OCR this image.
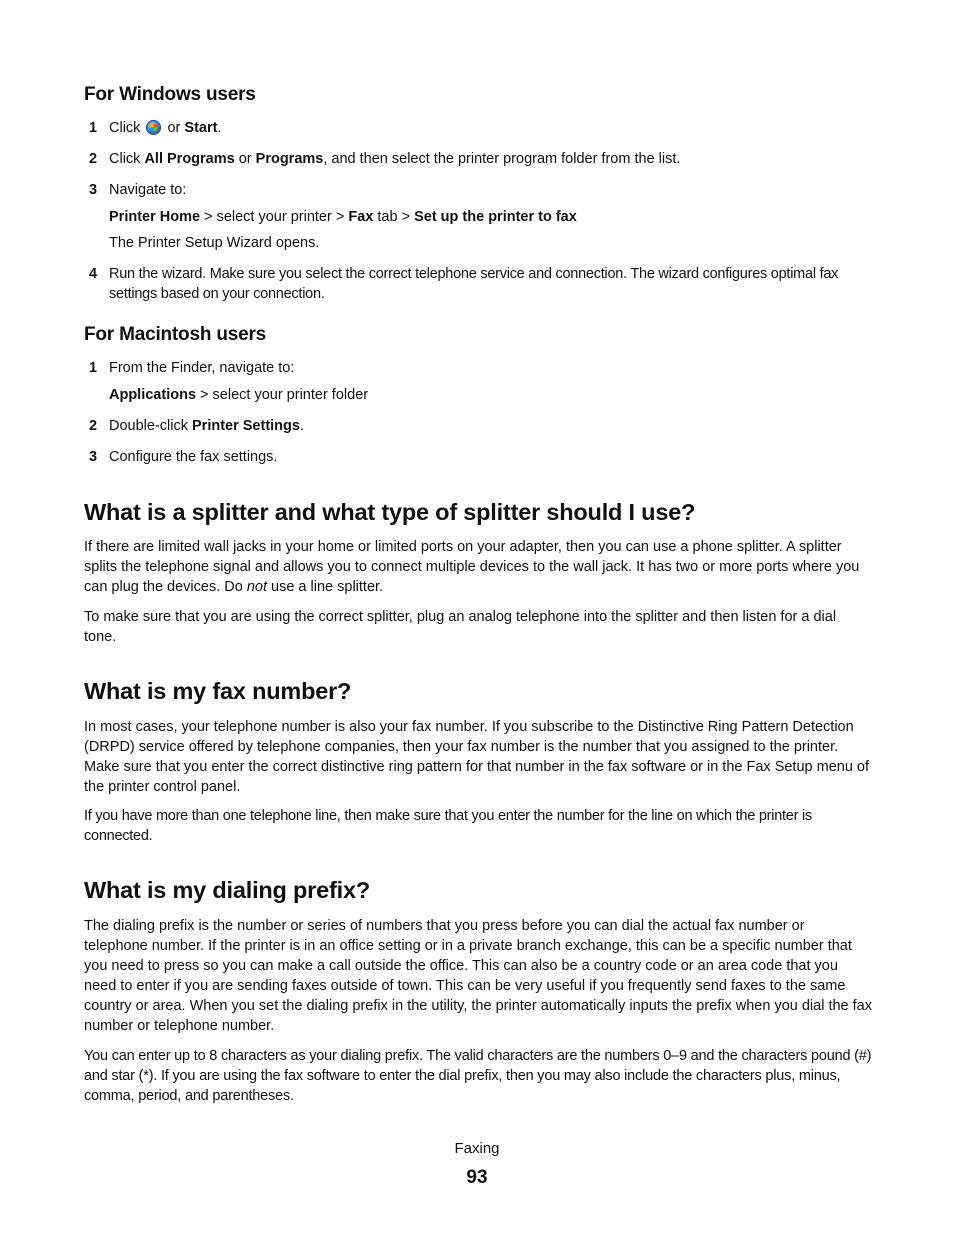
For Windows users
1 Click or Start.
2 Click All Programs or Programs, and then select the printer program folder from the list.
3 Navigate to:
Printer Home > select your printer > Fax tab > Set up the printer to fax
The Printer Setup Wizard opens.
4 Run the wizard. Make sure you select the correct telephone service and connection. The wizard configures optimal fax settings based on your connection.
For Macintosh users
1 From the Finder, navigate to:
Applications > select your printer folder
2 Double-click Printer Settings.
3 Configure the fax settings.
What is a splitter and what type of splitter should I use?
If there are limited wall jacks in your home or limited ports on your adapter, then you can use a phone splitter. A splitter splits the telephone signal and allows you to connect multiple devices to the wall jack. It has two or more ports where you can plug the devices. Do not use a line splitter.
To make sure that you are using the correct splitter, plug an analog telephone into the splitter and then listen for a dial tone.
What is my fax number?
In most cases, your telephone number is also your fax number. If you subscribe to the Distinctive Ring Pattern Detection (DRPD) service offered by telephone companies, then your fax number is the number that you assigned to the printer. Make sure that you enter the correct distinctive ring pattern for that number in the fax software or in the Fax Setup menu of the printer control panel.
If you have more than one telephone line, then make sure that you enter the number for the line on which the printer is connected.
What is my dialing prefix?
The dialing prefix is the number or series of numbers that you press before you can dial the actual fax number or telephone number. If the printer is in an office setting or in a private branch exchange, this can be a specific number that you need to press so you can make a call outside the office. This can also be a country code or an area code that you need to enter if you are sending faxes outside of town. This can be very useful if you frequently send faxes to the same country or area. When you set the dialing prefix in the utility, the printer automatically inputs the prefix when you dial the fax number or telephone number.
You can enter up to 8 characters as your dialing prefix. The valid characters are the numbers 0–9 and the characters pound (#) and star (*). If you are using the fax software to enter the dial prefix, then you may also include the characters plus, minus, comma, period, and parentheses.
Faxing
93
